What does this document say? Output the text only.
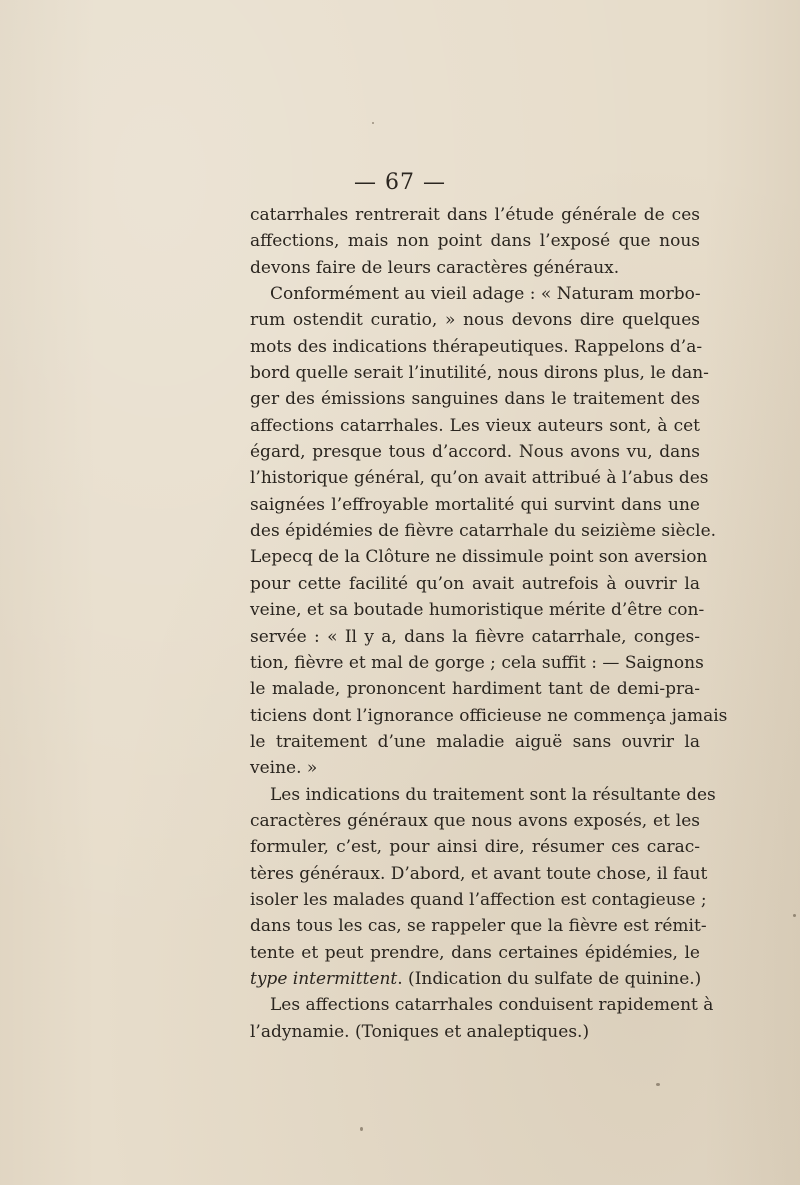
— 67 —
catarrhales rentrerait dans l’étude générale de ces
affections, mais non point dans l’exposé que nous
devons faire de leurs caractères généraux.
Conformément au vieil adage : « Naturam morbo-
rum ostendit curatio, » nous devons dire quelques
mots des indications thérapeutiques. Rappelons d’a-
bord quelle serait l’inutilité, nous dirons plus, le dan-
ger des émissions sanguines dans le traitement des
affections catarrhales. Les vieux auteurs sont, à cet
égard, presque tous d’accord. Nous avons vu, dans
l’historique général, qu’on avait attribué à l’abus des
saignées l’effroyable mortalité qui survint dans une
des épidémies de fièvre catarrhale du seizième siècle.
Lepecq de la Clôture ne dissimule point son aversion
pour cette facilité qu’on avait autrefois à ouvrir la
veine, et sa boutade humoristique mérite d’être con-
servée : « Il y a, dans la fièvre catarrhale, conges-
tion, fièvre et mal de gorge ; cela suffit : — Saignons
le malade, prononcent hardiment tant de demi-pra-
ticiens dont l’ignorance officieuse ne commença jamais
le traitement d’une maladie aiguë sans ouvrir la
veine. »
Les indications du traitement sont la résultante des
caractères généraux que nous avons exposés, et les
formuler, c’est, pour ainsi dire, résumer ces carac-
tères généraux. D’abord, et avant toute chose, il faut
isoler les malades quand l’affection est contagieuse ;
dans tous les cas, se rappeler que la fièvre est rémit-
tente et peut prendre, dans certaines épidémies, le
type intermittent. (Indication du sulfate de quinine.)
Les affections catarrhales conduisent rapidement à
l’adynamie. (Toniques et analeptiques.)
